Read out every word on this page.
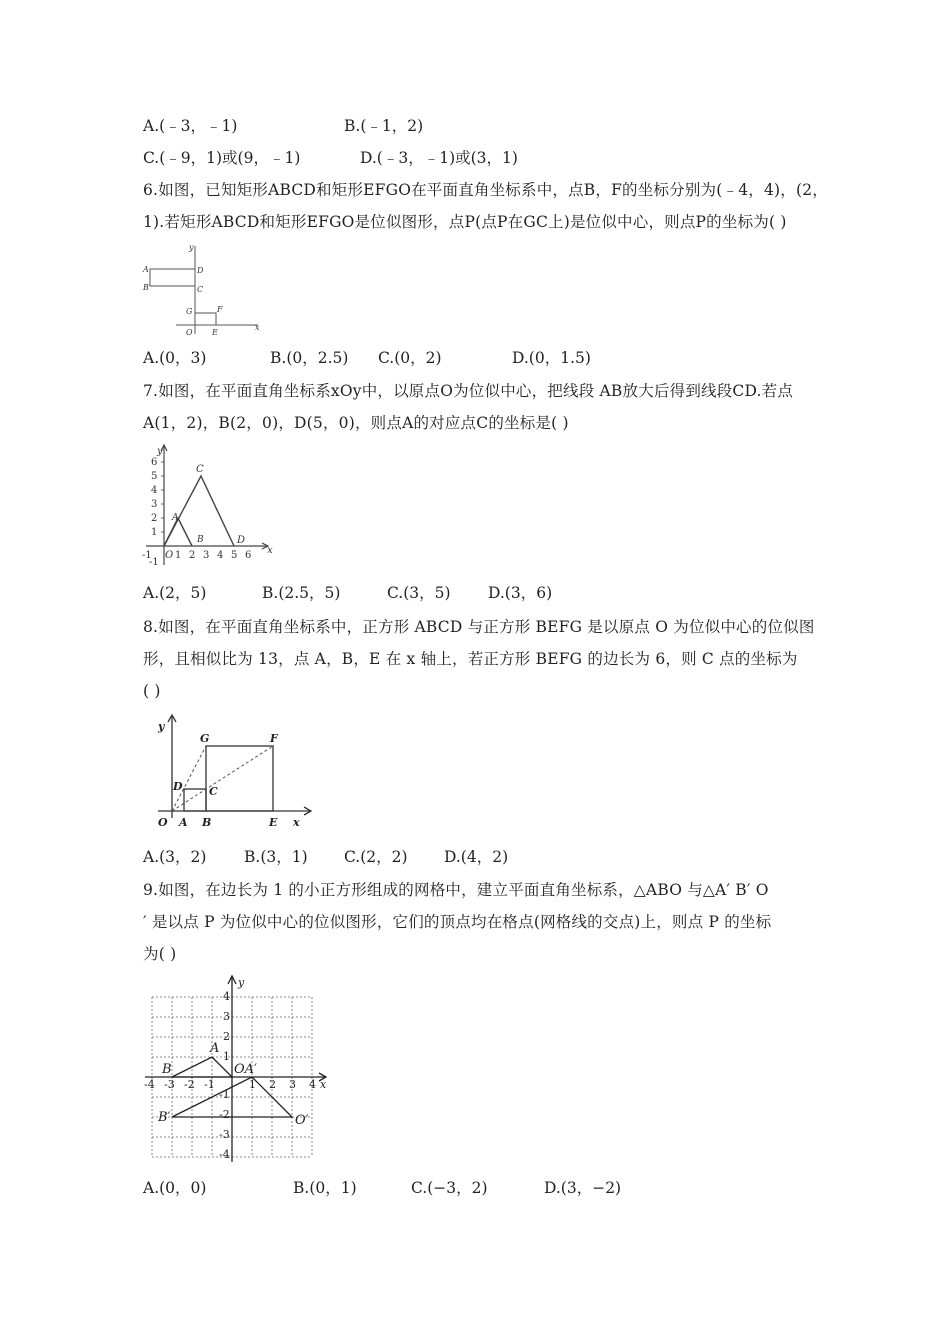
A.(﹣3，﹣1)	B.(﹣1，2)
C.(﹣9，1)或(9，﹣1)	D.(﹣3，﹣1)或(3，1)
6.如图，已知矩形ABCD和矩形EFGO在平面直角坐标系中，点B，F的坐标分别为(﹣4，4)，(2，
1).若矩形ABCD和矩形EFGO是位似图形，点P(点P在GC上)是位似中心，则点P的坐标为( )
y
x
A
B
D
C
G	F
O E
A.(0，3)	B.(0，2.5) C.(0，2)	D.(0，1.5)
7.如图，在平面直角坐标系xOy中，以原点O为位似中心，把线段 AB放大后得到线段CD.若点
A(1，2)，B(2，0)，D(5，0)，则点A的对应点C的坐标是( )
y
x
6
5
4
3
2
1
-1
-1 O 1 2 3 4 5 6
A
B
C
D
A.(2，5)	B.(2.5，5)	C.(3，5) D.(3，6)
8.如图，在平面直角坐标系中，正方形 ABCD 与正方形 BEFG 是以原点 O 为位似中心的位似图
形，且相似比为 13，点 A，B，E 在 x 轴上，若正方形 BEFG 的边长为 6，则 C 点的坐标为
( )
y
x
O A B	E
C
D
G	F
A.(3，2) B.(3，1) C.(2，2) D.(4，2)
9.如图，在边长为 1 的小正方形组成的网格中，建立平面直角坐标系，△ABO 与△A′ B′ O
′ 是以点 P 为位似中心的位似图形，它们的顶点均在格点(网格线的交点)上，则点 P 的坐标
为( )
y
x
4
3
2
1
-1
-2
-3
-4
-4 -3 -2 -1	1 2 3 4
A
B	OA′
B′	O′
A.(0，0)	B.(0，1)	C.(−3，2)	D.(3，−2)
